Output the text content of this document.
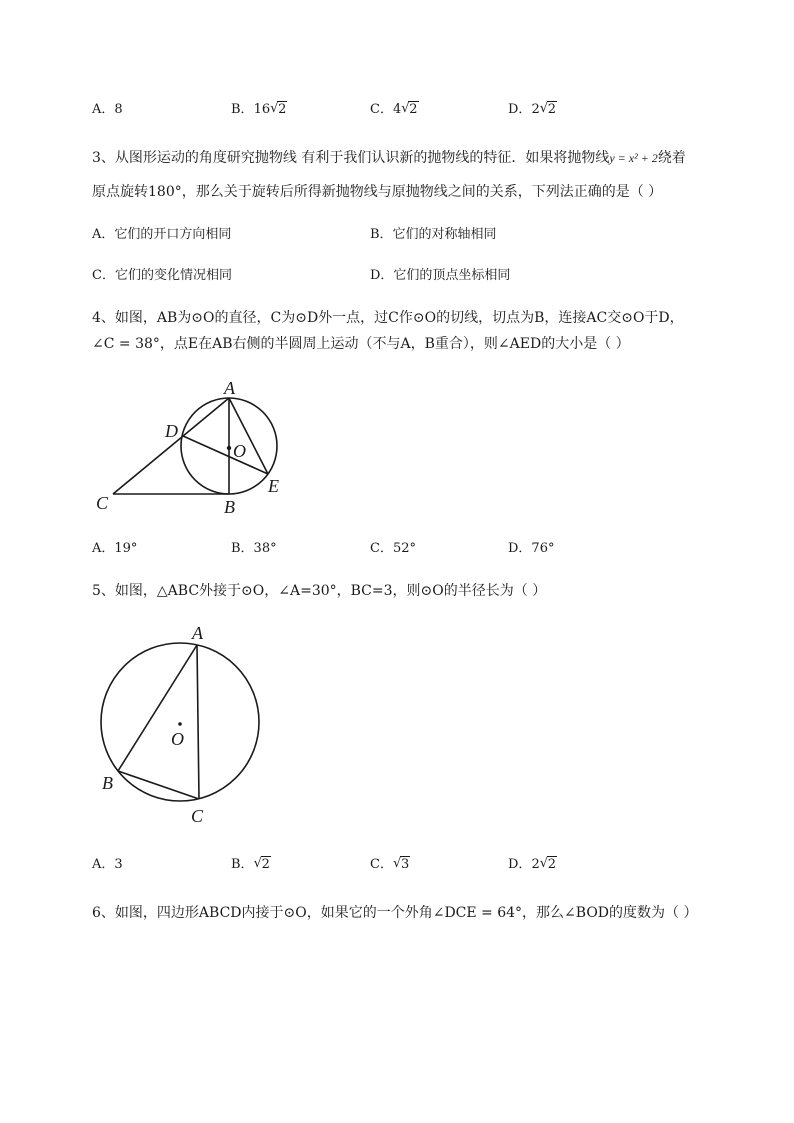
A．8	B．16 √ 2	C．4 √ 2	D．2 √ 2
3、从图形运动的角度研究抛物线 有利于我们认识新的抛物线的特征．如果将抛物线y = x² + 2绕着
原点旋转180°，那么关于旋转后所得新抛物线与原抛物线之间的关系，下列法正确的是（ ）
A．它们的开口方向相同	B．它们的对称轴相同
C．它们的变化情况相同	D．它们的顶点坐标相同
4、如图，AB为⊙O的直径，C为⊙D外一点，过C作⊙O的切线，切点为B，连接AC交⊙O于D，
∠C = 38°，点E在AB右侧的半圆周上运动（不与A，B重合），则∠AED的大小是（ ）
A
D
O
E
C	B
A
O
B
C
A．19°	B．38°	C．52°	D．76°
5、如图，△ABC外接于⊙O，∠A=30°，BC=3，则⊙O的半径长为（ ）
A．3	B． √ 2	C． √ 3	D．2 √ 2
6、如图，四边形ABCD内接于⊙O，如果它的一个外角∠DCE = 64°，那么∠BOD的度数为（ ）
